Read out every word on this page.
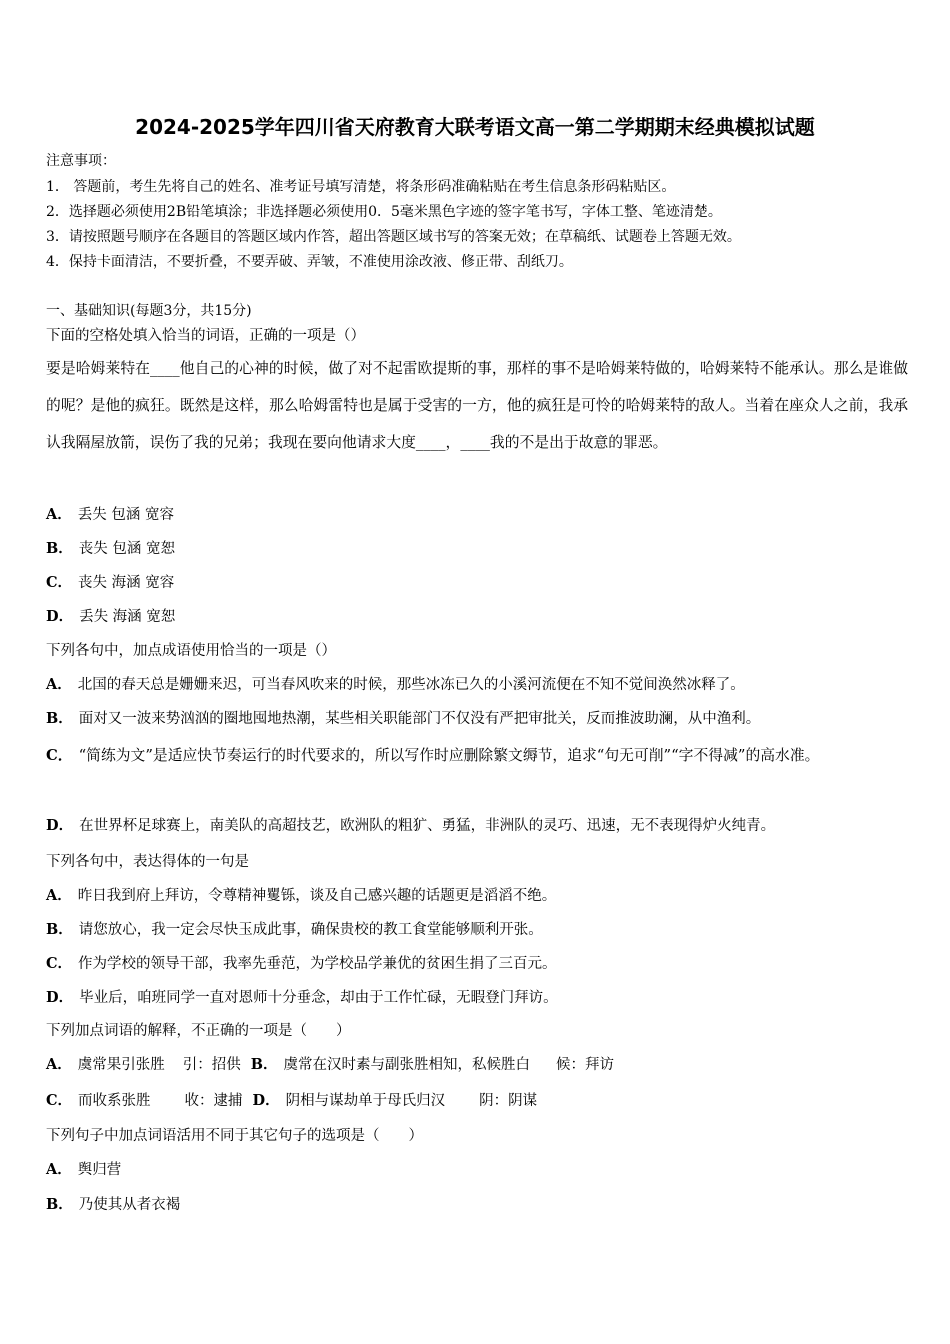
2024-2025学年四川省天府教育大联考语文高一第二学期期末经典模拟试题
注意事项：
1． 答题前，考生先将自己的姓名、准考证号填写清楚，将条形码准确粘贴在考生信息条形码粘贴区。
2．选择题必须使用2B铅笔填涂；非选择题必须使用0．5毫米黑色字迹的签字笔书写，字体工整、笔迹清楚。
3．请按照题号顺序在各题目的答题区域内作答，超出答题区域书写的答案无效；在草稿纸、试题卷上答题无效。
4．保持卡面清洁，不要折叠，不要弄破、弄皱，不准使用涂改液、修正带、刮纸刀。
一、基础知识(每题3分，共15分)
下面的空格处填入恰当的词语，正确的一项是（）
要是哈姆莱特在____他自己的心神的时候，做了对不起雷欧提斯的事，那样的事不是哈姆莱特做的，哈姆莱特不能承认。那么是谁做的呢？是他的疯狂。既然是这样，那么哈姆雷特也是属于受害的一方，他的疯狂是可怜的哈姆莱特的敌人。当着在座众人之前，我承认我隔屋放箭，误伤了我的兄弟；我现在要向他请求大度____，____我的不是出于故意的罪恶。
A． 丢失 包涵 宽容
B． 丧失 包涵 宽恕
C． 丧失 海涵 宽容
D． 丢失 海涵 宽恕
下列各句中，加点成语使用恰当的一项是（）
A． 北国的春天总是姗姗来迟，可当春风吹来的时候，那些冰冻已久的小溪河流便在不知不觉间涣然冰释了。
B． 面对又一波来势汹汹的圈地囤地热潮，某些相关职能部门不仅没有严把审批关，反而推波助澜，从中渔利。
C． “简练为文”是适应快节奏运行的时代要求的，所以写作时应删除繁文缛节，追求“句无可削”“字不得减”的高水准。
D． 在世界杯足球赛上，南美队的高超技艺，欧洲队的粗犷、勇猛，非洲队的灵巧、迅速，无不表现得炉火纯青。
下列各句中，表达得体的一句是
A． 昨日我到府上拜访，令尊精神矍铄，谈及自己感兴趣的话题更是滔滔不绝。
B． 请您放心，我一定会尽快玉成此事，确保贵校的教工食堂能够顺利开张。
C． 作为学校的领导干部，我率先垂范，为学校品学兼优的贫困生捐了三百元。
D． 毕业后，咱班同学一直对恩师十分垂念，却由于工作忙碌，无暇登门拜访。
下列加点词语的解释，不正确的一项是（　　）
A． 虞常果引张胜 引：招供 B． 虞常在汉时素与副张胜相知，私候胜白 候：拜访
C． 而收系张胜 收：逮捕 D． 阴相与谋劫单于母氏归汉 阴：阴谋
下列句子中加点词语活用不同于其它句子的选项是（　　）
A． 舆归营
B． 乃使其从者衣褐
